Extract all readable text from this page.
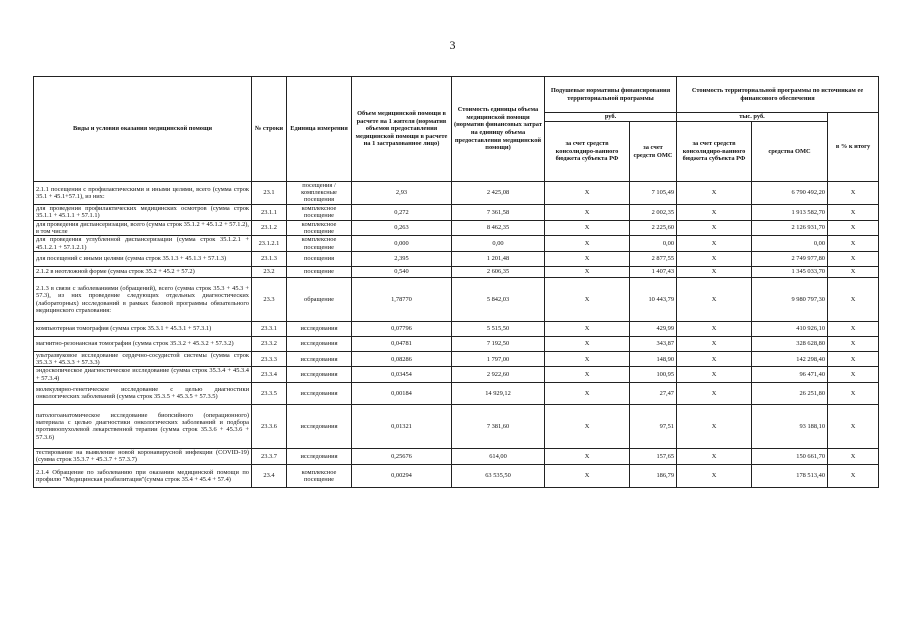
3
Виды и условия оказания медицинской помощи	№ строки	Единица измерения	Объем медицинской помощи в расчете на 1 жителя (норматив объемов предоставления медицинской помощи в расчете на 1 застрахованное лицо)	Стоимость единицы объема медицинской помощи (норматив финансовых затрат на единицу объема предоставления медицинской помощи)	Подушевые нормативы финансирования территориальной программы		Стоимость территориальной программы по источникам ее финансового обеспечения		
					руб.		тыс. руб.		в % к итогу
					за счет средств консолидиро-ванного бюджета субъекта РФ	за счет средств ОМС	за счет средств консолидиро-ванного бюджета субъекта РФ	средства ОМС	
2.1.1 посещения с профилактическими и иными целями, всего (сумма строк 35.1 + 45.1+57.1), из них:	23.1	посещения / комплексные посещения	2,93	2 425,08	X	7 105,49	X	6 790 492,20	X
для проведения профилактических медицинских осмотров (сумма строк 35.1.1 + 45.1.1 + 57.1.1)	23.1.1	комплексное посещение	0,272	7 361,58	X	2 002,35	X	1 913 582,70	X
для проведения диспансеризации, всего (сумма строк 35.1.2 + 45.1.2 + 57.1.2), в том числе	23.1.2	комплексное посещение	0,263	8 462,35	X	2 225,60	X	2 126 931,70	X
для проведения углубленной диспансеризации (сумма строк 35.1.2.1 + 45.1.2.1 + 57.1.2.1)	23.1.2.1	комплексное посещение	0,000	0,00	X	0,00	X	0,00	X
для посещений с иными целями (сумма строк 35.1.3 + 45.1.3 + 57.1.3)	23.1.3	посещения	2,395	1 201,48	X	2 877,55	X	2 749 977,80	X
2.1.2 в неотложной форме (сумма строк 35.2 + 45.2 + 57.2)	23.2	посещение	0,540	2 606,35	X	1 407,43	X	1 345 033,70	X
2.1.3 в связи с заболеваниями (обращений), всего (сумма строк 35.3 + 45.3 + 57.3), из них проведение следующих отдельных диагностических (лабораторных) исследований в рамках базовой программы обязательного медицинского страхования:	23.3	обращение	1,78770	5 842,03	X	10 443,79	X	9 980 797,30	X
компьютерная томография (сумма строк 35.3.1 + 45.3.1 + 57.3.1)	23.3.1	исследования	0,07796	5 515,50	X	429,99	X	410 926,10	X
магнитно-резонансная томография (сумма строк 35.3.2 + 45.3.2 + 57.3.2)	23.3.2	исследования	0,04781	7 192,50	X	343,87	X	328 628,80	X
ультразвуковое исследование сердечно-сосудистой системы (сумма строк 35.3.3 + 45.3.3 + 57.3.3)	23.3.3	исследования	0,08286	1 797,00	X	148,90	X	142 298,40	X
эндоскопическое диагностическое исследование (сумма строк 35.3.4 + 45.3.4 + 57.3.4)	23.3.4	исследования	0,03454	2 922,60	X	100,95	X	96 471,40	X
молекулярно-генетическое исследование с целью диагностики онкологических заболеваний (сумма строк 35.3.5 + 45.3.5 + 57.3.5)	23.3.5	исследования	0,00184	14 929,12	X	27,47	X	26 251,80	X
патологоанатомическое исследование биопсийного (операционного) материала с целью диагностики онкологических заболеваний и подбора противоопухолевой лекарственной терапии (сумма строк 35.3.6 + 45.3.6 + 57.3.6)	23.3.6	исследования	0,01321	7 381,60	X	97,51	X	93 188,10	X
тестирование на выявление новой коронавирусной инфекции (COVID-19) (сумма строк 35.3.7 + 45.3.7 + 57.3.7)	23.3.7	исследования	0,25676	614,00	X	157,65	X	150 661,70	X
2.1.4 Обращение по заболеванию при оказании медицинской помощи по профилю "Медицинская реабилитация"(сумма строк 35.4 + 45.4 + 57.4)	23.4	комплексное посещение	0,00294	63 535,50	X	186,79	X	178 513,40	X
